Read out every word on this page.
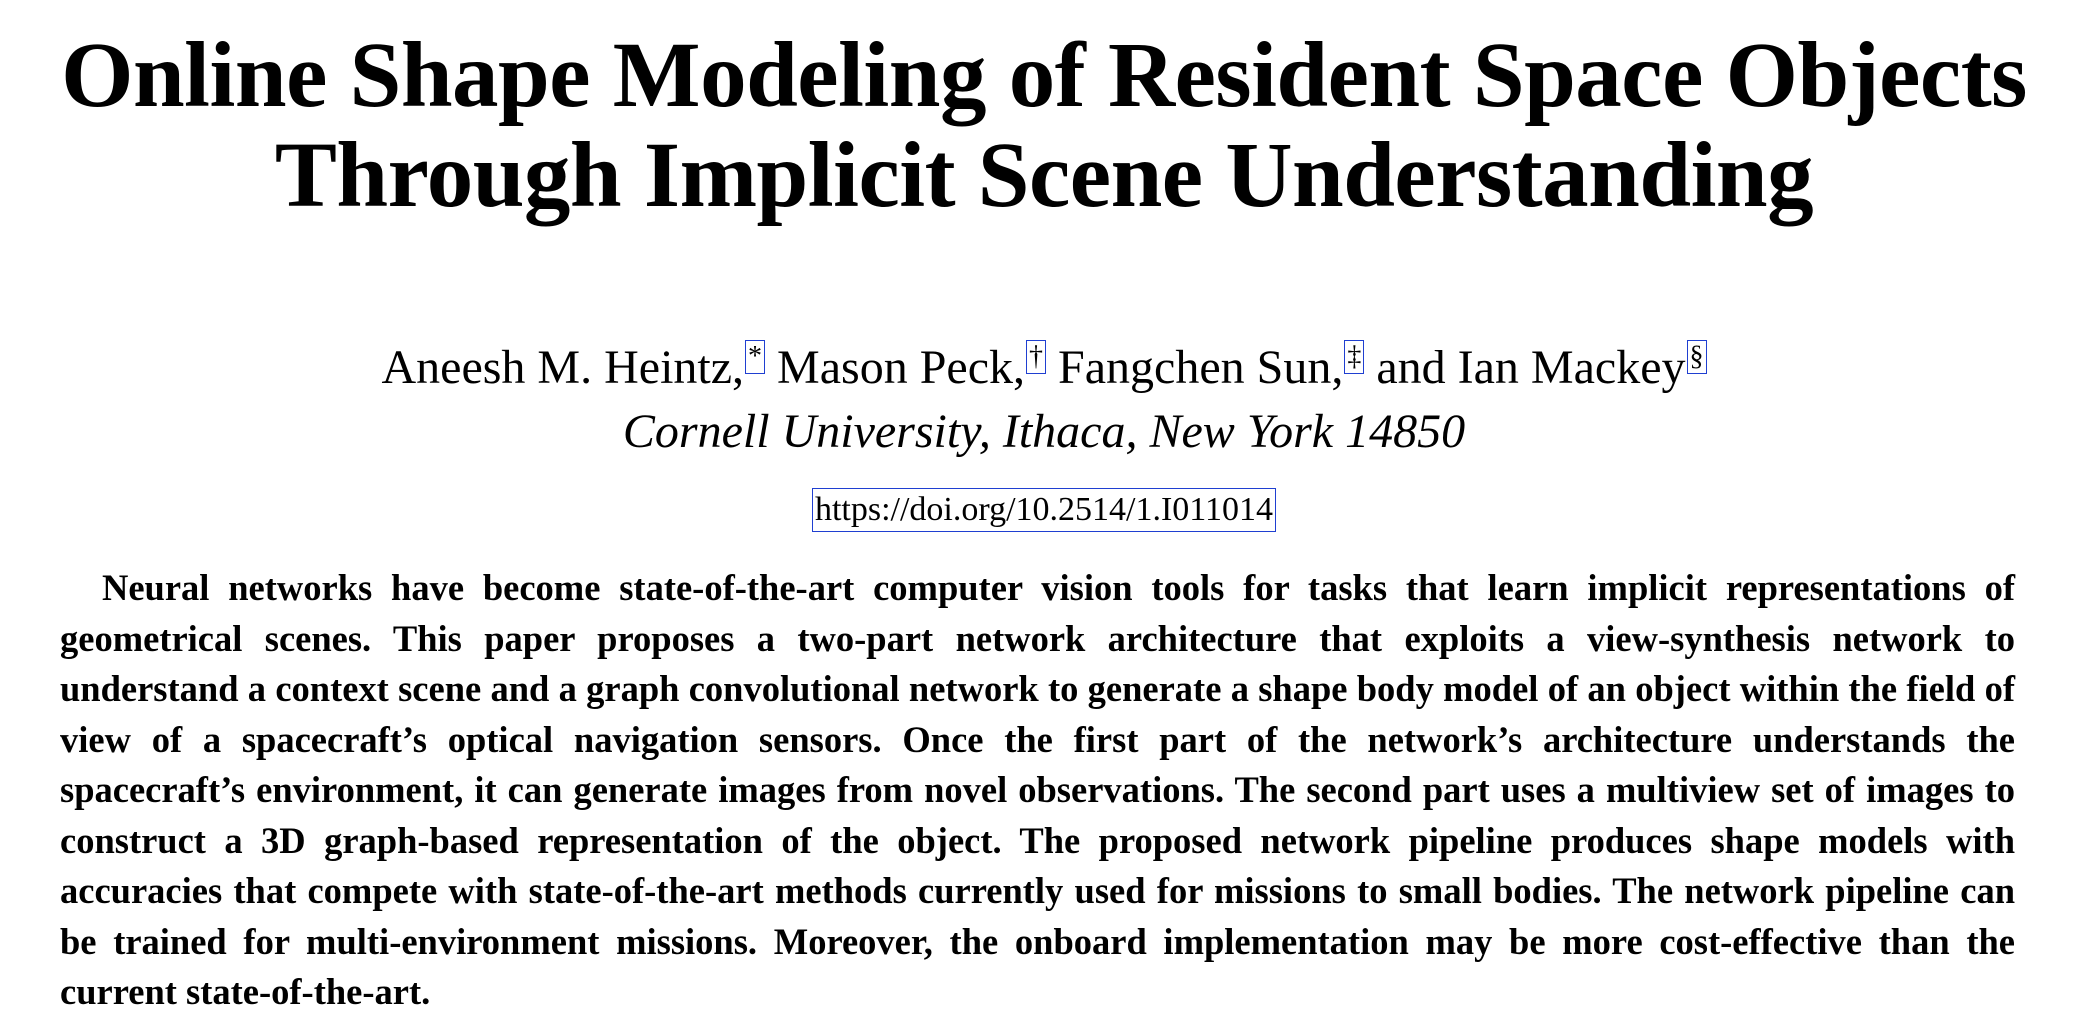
Online Shape Modeling of Resident Space Objects
Through Implicit Scene Understanding
Aneesh M. Heintz, * Mason Peck, † Fangchen Sun, ‡ and Ian Mackey §
Cornell University, Ithaca, New York 14850
https://doi.org/10.2514/1.I011014

Neural networks have become state-of-the-art computer vision tools for tasks that learn implicit representations of geometrical scenes. This paper proposes a two-part network architecture that exploits a view-synthesis network to understand a context scene and a graph convolutional network to generate a shape body model of an object within the field of view of a spacecraft’s optical navigation sensors. Once the first part of the network’s architecture understands the spacecraft’s environment, it can generate images from novel observations. The second part uses a multiview set of images to construct a 3D graph-based representation of the object. The proposed network pipeline produces shape models with accuracies that compete with state-of-the-art methods currently used for missions to small bodies. The network pipeline can be trained for multi-environment missions. Moreover, the onboard implementation may be more cost-effective than the current state-of-the-art.
